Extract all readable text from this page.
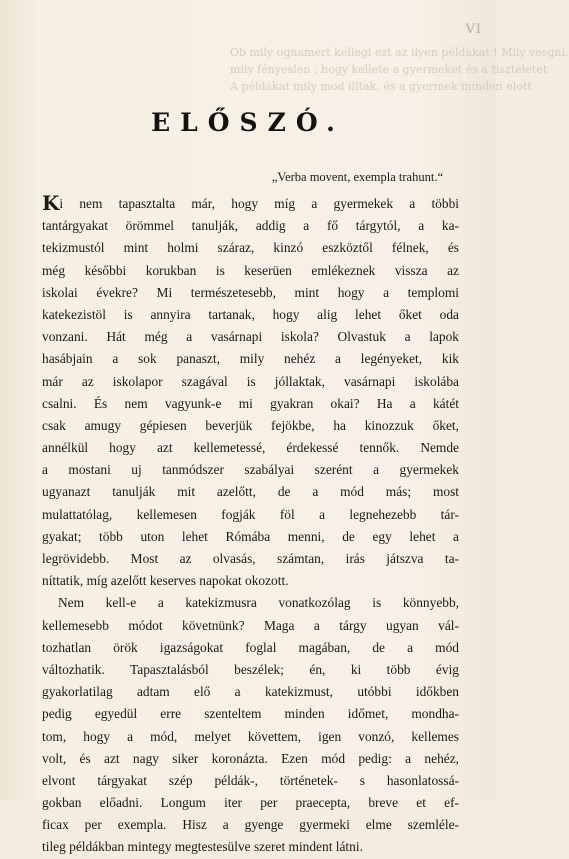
VI
Ob mily ognamert kellegi ezt az ilyen példákat ! Mily vesgni,
mily fényeslen ; hogy kellete a gyermeket és a tiszteletet
A példákat mily mod illtak, és a gyermek minden elott
ELŐSZÓ.
„Verba movent, exempla trahunt.“
Ki nem tapasztalta már, hogy míg a gyermekek a többi
tantárgyakat örömmel tanulják, addig a fő tárgytól, a ka-
tekizmustól mint holmi száraz, kinzó eszköztől félnek, és
még későbbi korukban is keserüen emlékeznek vissza az
iskolai évekre? Mi természetesebb, mint hogy a templomi
katekezistöl is annyira tartanak, hogy alig lehet őket oda
vonzani. Hát még a vasárnapi iskola? Olvastuk a lapok
hasábjain a sok panaszt, mily nehéz a legényeket, kik
már az iskolapor szagával is jóllaktak, vasárnapi iskolába
csalni. És nem vagyunk-e mi gyakran okai? Ha a kátét
csak amugy gépiesen beverjük fejökbe, ha kinozzuk őket,
annélkül hogy azt kellemetessé, érdekessé tennők. Nemde
a mostani uj tanmódszer szabályai szerént a gyermekek
ugyanazt tanulják mit azelőtt, de a mód más; most
mulattatólag, kellemesen fogják föl a legnehezebb tár-
gyakat; több uton lehet Rómába menni, de egy lehet a
legrövidebb. Most az olvasás, számtan, irás játszva ta-
níttatik, míg azelőtt keserves napokat okozott.
Nem kell-e a katekizmusra vonatkozólag is könnyebb,
kellemesebb módot követnünk? Maga a tárgy ugyan vál-
tozhatlan örök igazságokat foglal magában, de a mód
változhatik. Tapasztalásból beszélek; én, ki több évig
gyakorlatilag adtam elő a katekizmust, utóbbi időkben
pedig egyedül erre szenteltem minden időmet, mondha-
tom, hogy a mód, melyet követtem, igen vonzó, kellemes
volt, és azt nagy siker koronázta. Ezen mód pedig: a nehéz,
elvont tárgyakat szép példák-, történetek- s hasonlatossá-
gokban előadni. Longum iter per praecepta, breve et ef-
ficax per exempla. Hisz a gyenge gyermeki elme szemléle-
tileg példákban mintegy megtestesülve szeret mindent látni.
